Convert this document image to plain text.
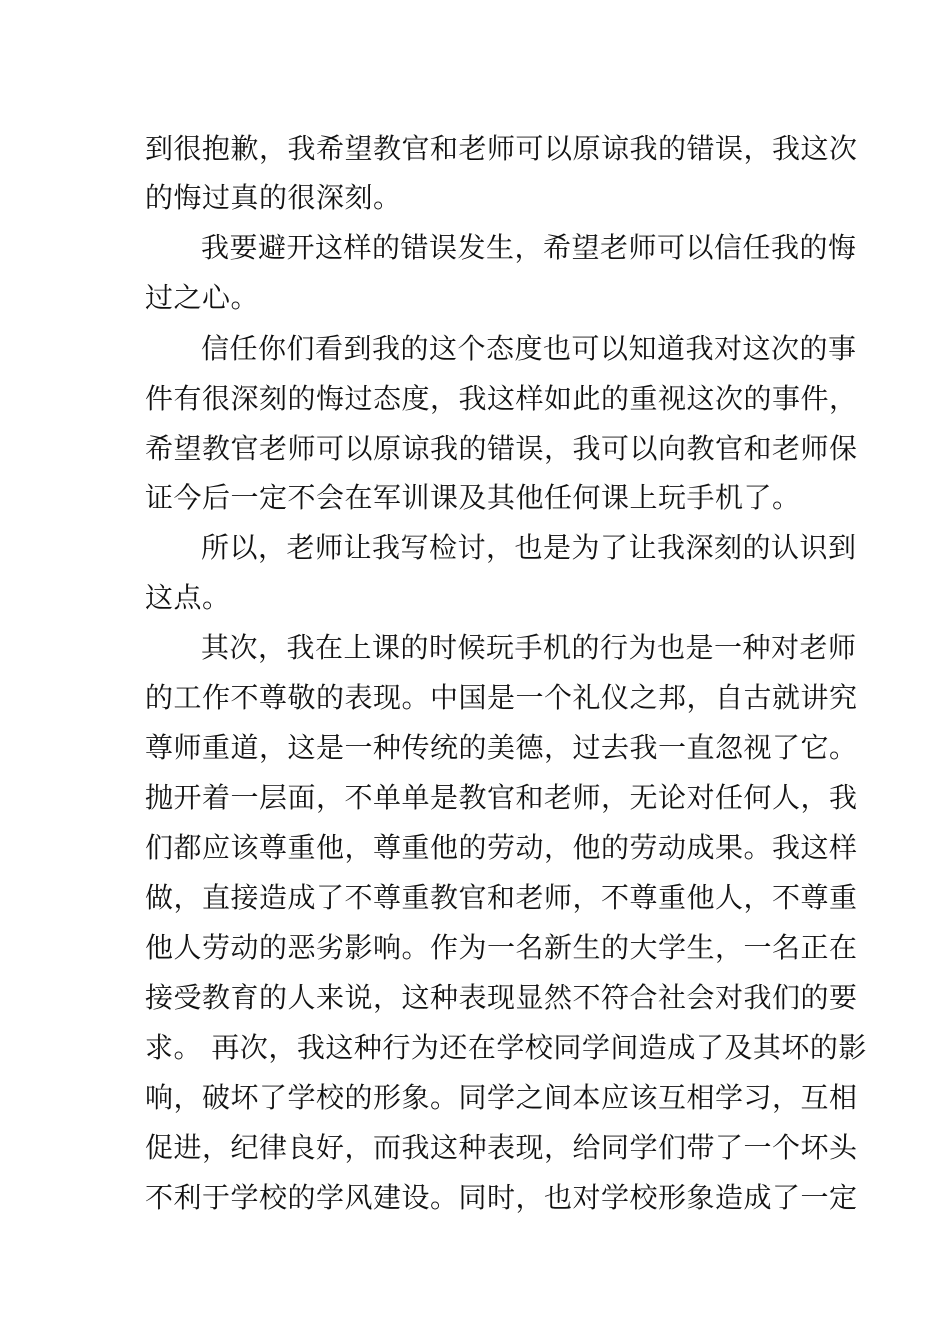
到很抱歉，我希望教官和老师可以原谅我的错误，我这次
的悔过真的很深刻。
我要避开这样的错误发生，希望老师可以信任我的悔
过之心。
信任你们看到我的这个态度也可以知道我对这次的事
件有很深刻的悔过态度，我这样如此的重视这次的事件，
希望教官老师可以原谅我的错误，我可以向教官和老师保
证今后一定不会在军训课及其他任何课上玩手机了。
所以，老师让我写检讨，也是为了让我深刻的认识到
这点。
其次，我在上课的时候玩手机的行为也是一种对老师
的工作不尊敬的表现。中国是一个礼仪之邦，自古就讲究
尊师重道，这是一种传统的美德，过去我一直忽视了它。
抛开着一层面，不单单是教官和老师，无论对任何人，我
们都应该尊重他，尊重他的劳动，他的劳动成果。我这样
做，直接造成了不尊重教官和老师，不尊重他人，不尊重
他人劳动的恶劣影响。作为一名新生的大学生，一名正在
接受教育的人来说，这种表现显然不符合社会对我们的要
求。 再次，我这种行为还在学校同学间造成了及其坏的影
响，破坏了学校的形象。同学之间本应该互相学习，互相
促进，纪律良好，而我这种表现，给同学们带了一个坏头
不利于学校的学风建设。同时，也对学校形象造成了一定
